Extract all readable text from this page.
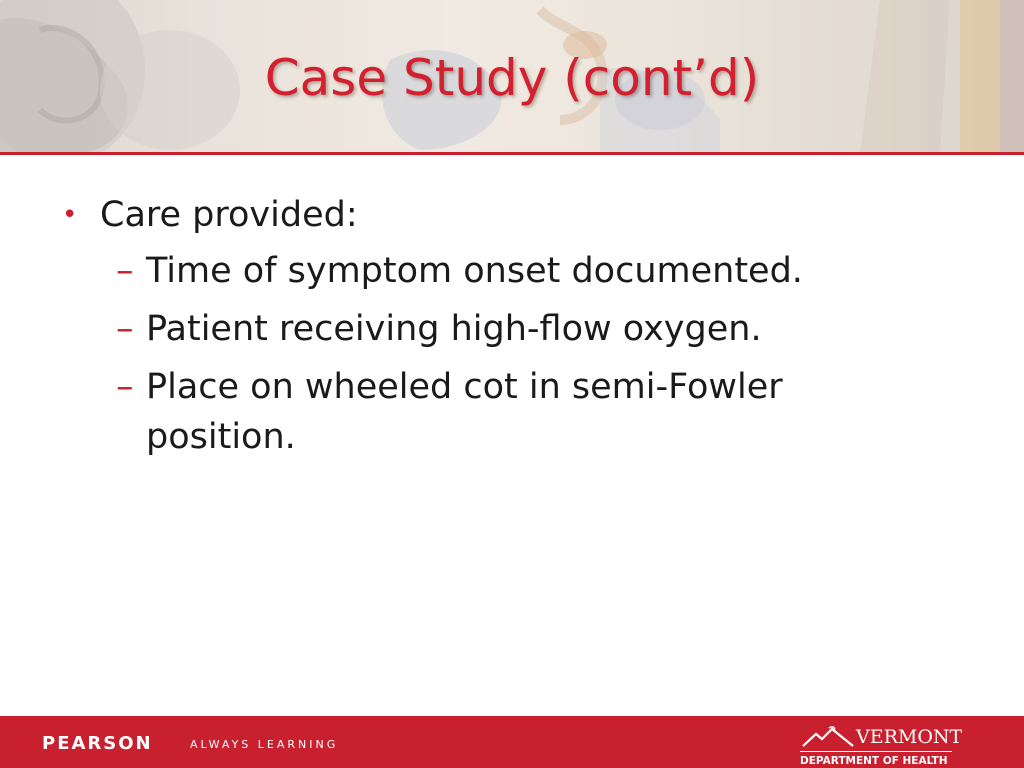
Case Study (cont’d)
• Care provided:
– Time of symptom onset documented.
– Patient receiving high-flow oxygen.
– Place on wheeled cot in semi-Fowler position.
PEARSON	ALWAYS LEARNING	VERMONT
DEPARTMENT OF HEALTH
